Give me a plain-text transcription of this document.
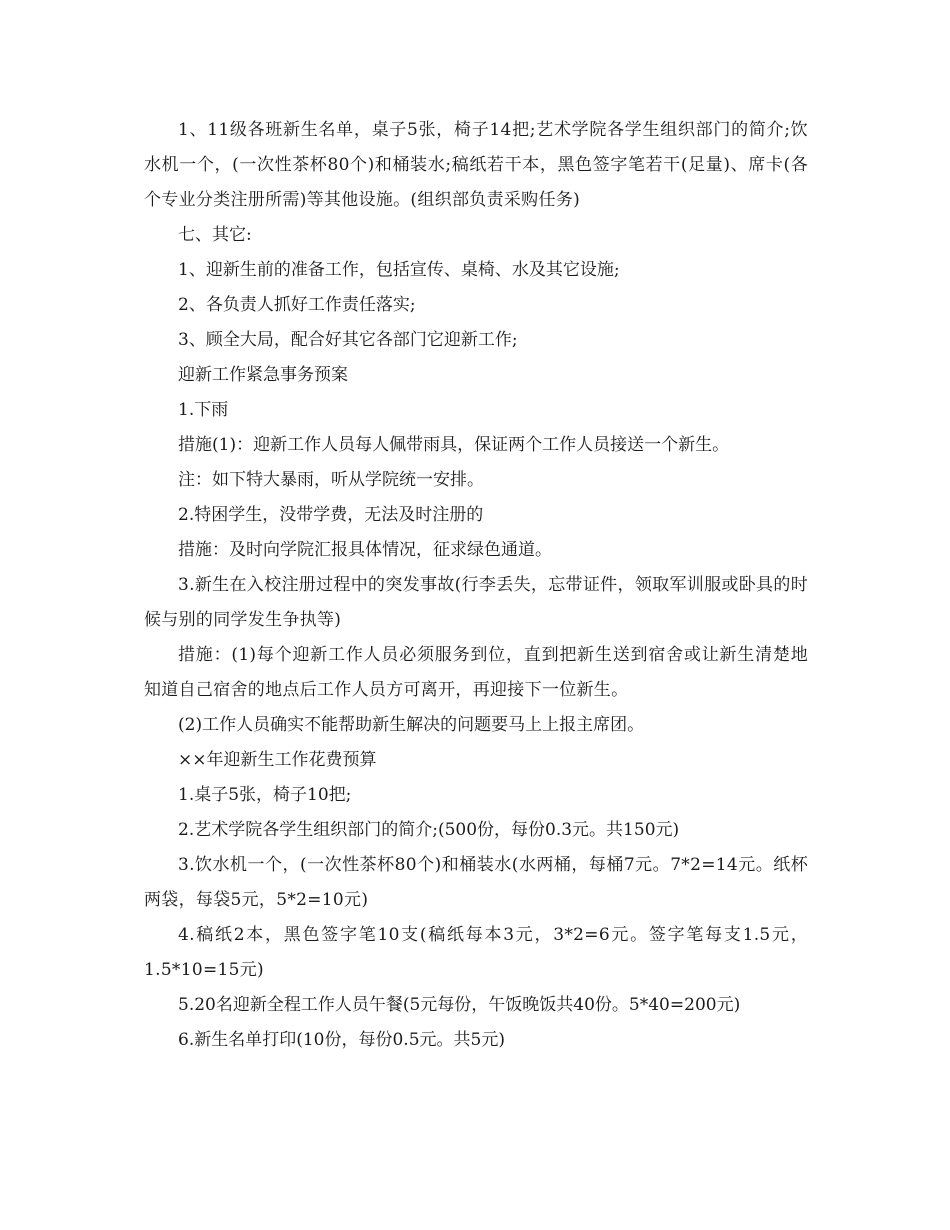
1、11级各班新生名单，桌子5张，椅子14把;艺术学院各学生组织部门的简介;饮水机一个，(一次性茶杯80个)和桶装水;稿纸若干本，黑色签字笔若干(足量)、席卡(各个专业分类注册所需)等其他设施。(组织部负责采购任务)

七、其它:

1、迎新生前的准备工作，包括宣传、桌椅、水及其它设施;

2、各负责人抓好工作责任落实;

3、顾全大局，配合好其它各部门它迎新工作;

迎新工作紧急事务预案

1.下雨

措施(1)：迎新工作人员每人佩带雨具，保证两个工作人员接送一个新生。

注：如下特大暴雨，听从学院统一安排。

2.特困学生，没带学费，无法及时注册的

措施：及时向学院汇报具体情况，征求绿色通道。

3.新生在入校注册过程中的突发事故(行李丢失，忘带证件，领取军训服或卧具的时候与别的同学发生争执等)

措施：(1)每个迎新工作人员必须服务到位，直到把新生送到宿舍或让新生清楚地知道自己宿舍的地点后工作人员方可离开，再迎接下一位新生。

(2)工作人员确实不能帮助新生解决的问题要马上上报主席团。

××年迎新生工作花费预算

1.桌子5张，椅子10把;

2.艺术学院各学生组织部门的简介;(500份，每份0.3元。共150元)

3.饮水机一个，(一次性茶杯80个)和桶装水(水两桶，每桶7元。7*2=14元。纸杯两袋，每袋5元，5*2=10元)

4.稿纸2本，黑色签字笔10支(稿纸每本3元，3*2=6元。签字笔每支1.5元，1.5*10=15元)

5.20名迎新全程工作人员午餐(5元每份，午饭晚饭共40份。5*40=200元)

6.新生名单打印(10份，每份0.5元。共5元)
